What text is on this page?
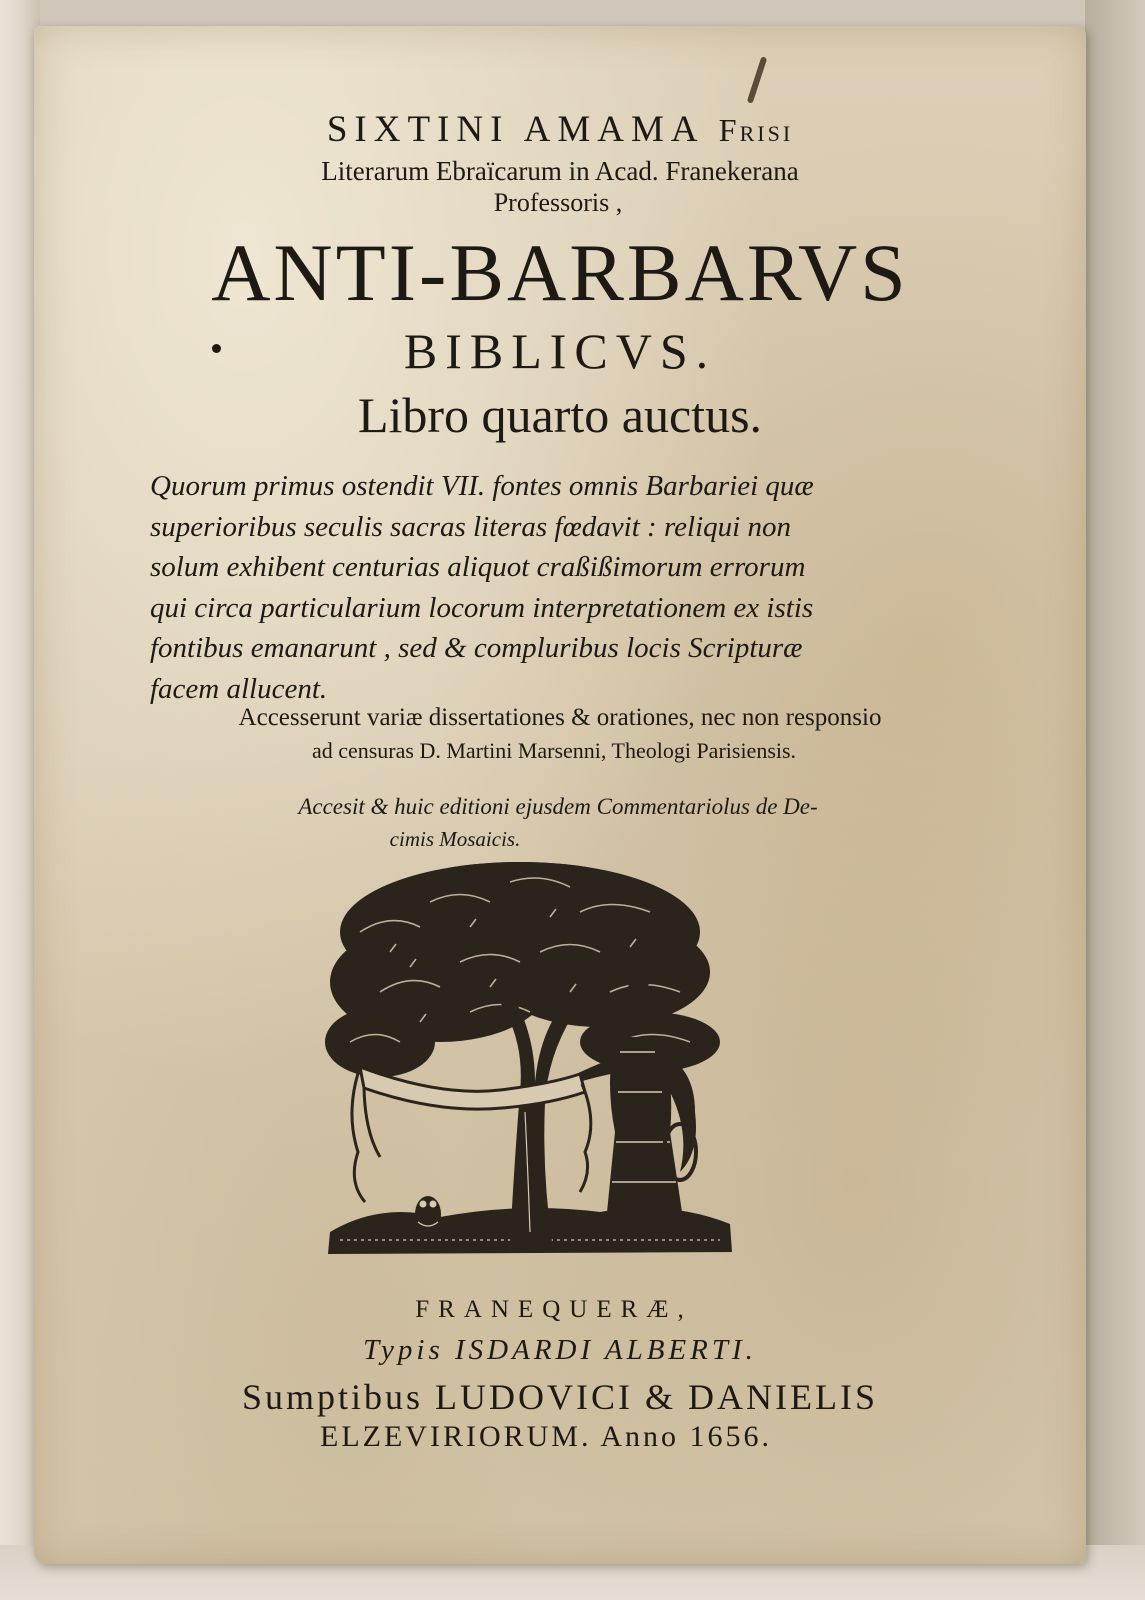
SIXTINI AMAMA Frisi
Literarum Ebraïcarum in Acad. Franekerana
Professoris ,
ANTI-BARBARVS
BIBLICVS.
Libro quarto auctus.
Quorum primus ostendit VII. fontes omnis Barbariei quæ
superioribus seculis sacras literas fœdavit : reliqui non
solum exhibent centurias aliquot craßißimorum errorum
qui circa particularium locorum interpretationem ex istis
fontibus emanarunt , sed & compluribus locis Scripturæ
facem allucent.
Accesserunt variæ dissertationes & orationes, nec non responsio
ad censuras D. Martini Marsenni, Theologi Parisiensis.
Accesit & huic editioni ejusdem Commentariolus de De-
cimis Mosaicis.
FRANEQUERÆ,
Typis ISDARDI ALBERTI.
Sumptibus LUDOVICI & DANIELIS
ELZEVIRIORUM. Anno 1656.
